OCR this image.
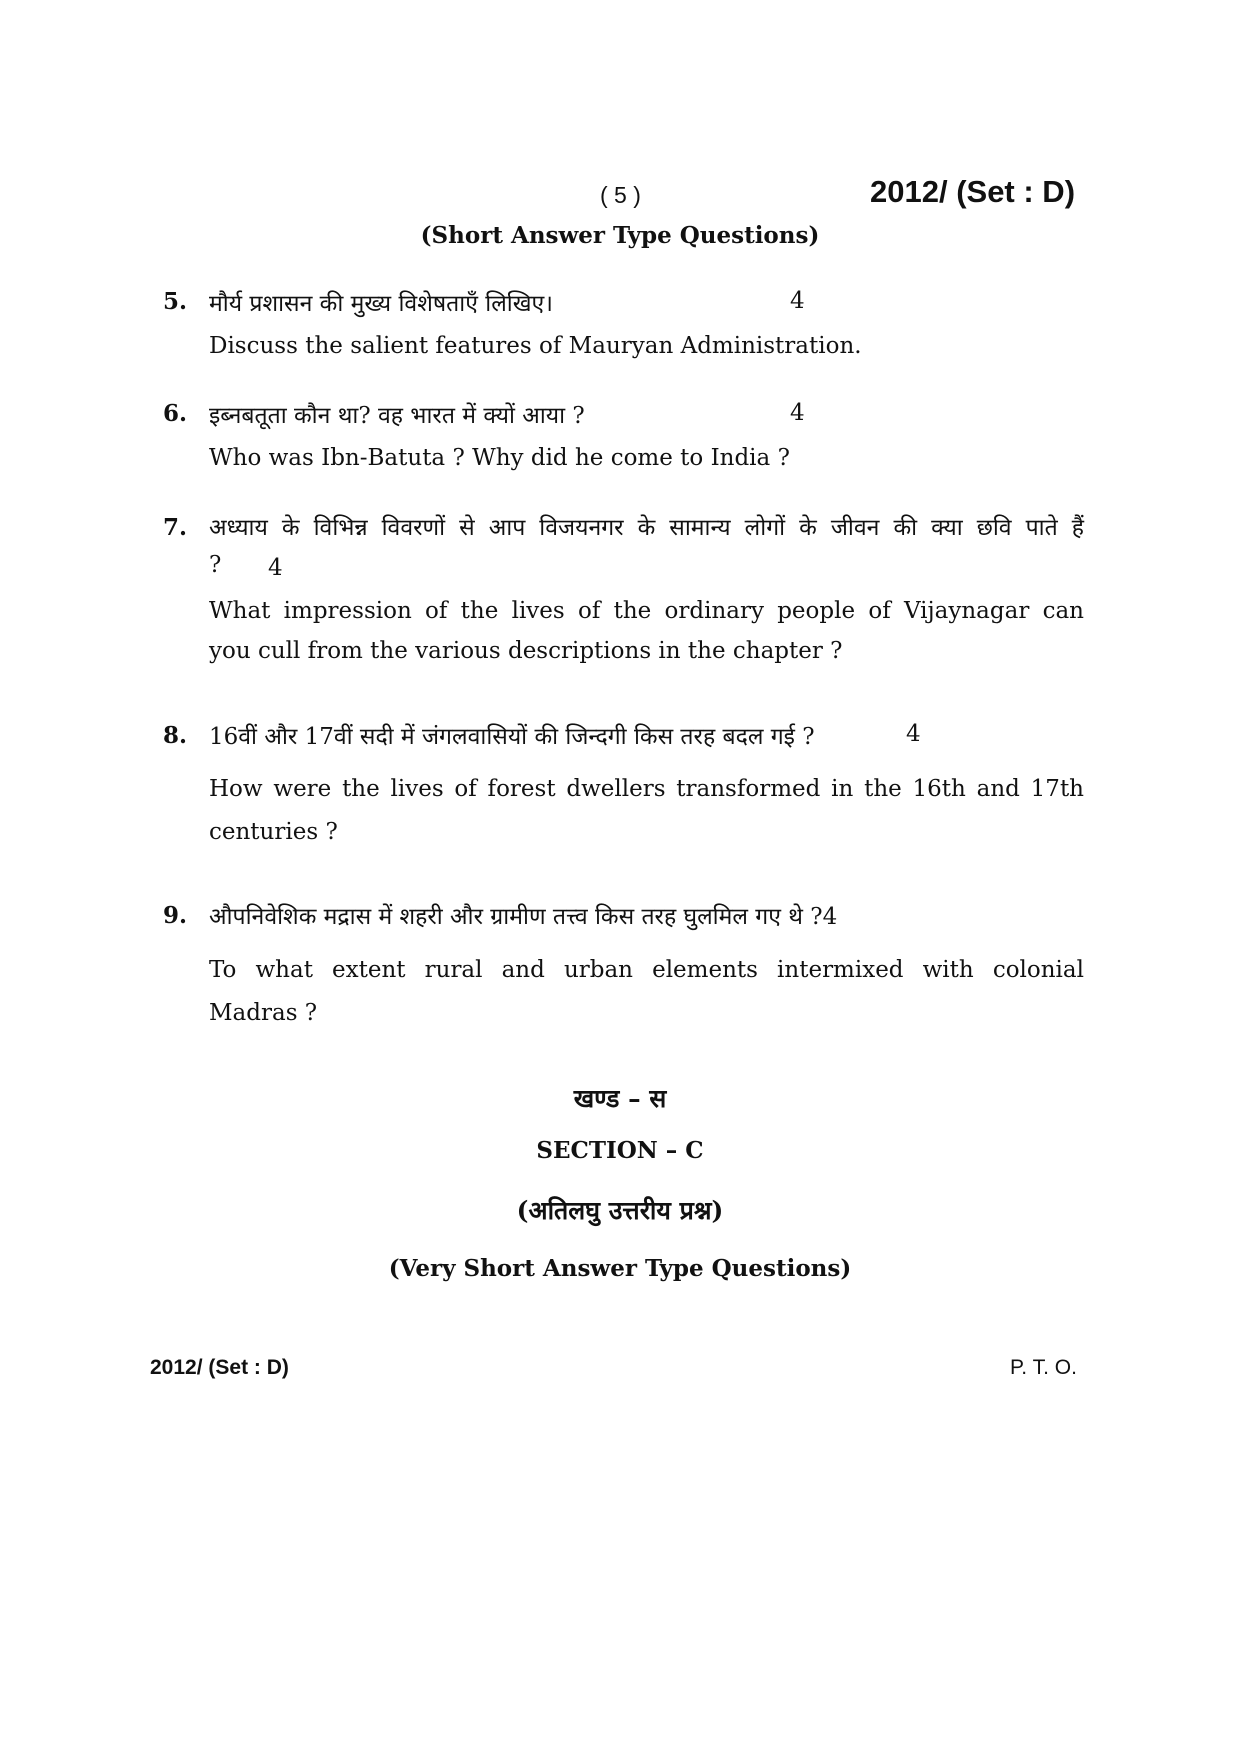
( 5 )	2012/ (Set : D)
(Short Answer Type Questions)
5. मौर्य प्रशासन की मुख्य विशेषताएँ लिखिए।	4
Discuss the salient features of Mauryan Administration.
6. इब्नबतूता कौन था? वह भारत में क्यों आया ?	4
Who was Ibn-Batuta ? Why did he come to India ?
7. अध्याय के विभिन्न विवरणों से आप विजयनगर के सामान्य लोगों के जीवन की क्या छवि पाते हैं
? 4
What impression of the lives of the ordinary people of Vijaynagar can
you cull from the various descriptions in the chapter ?
8. 16वीं और 17वीं सदी में जंगलवासियों की जिन्दगी किस तरह बदल गई ?	4
How were the lives of forest dwellers transformed in the 16th and 17th
centuries ?
9. औपनिवेशिक मद्रास में शहरी और ग्रामीण तत्त्व किस तरह घुलमिल गए थे ?4
To what extent rural and urban elements intermixed with colonial
Madras ?
खण्ड – स
SECTION – C
(अतिलघु उत्तरीय प्रश्न)
(Very Short Answer Type Questions)
2012/ (Set : D)	P. T. O.
